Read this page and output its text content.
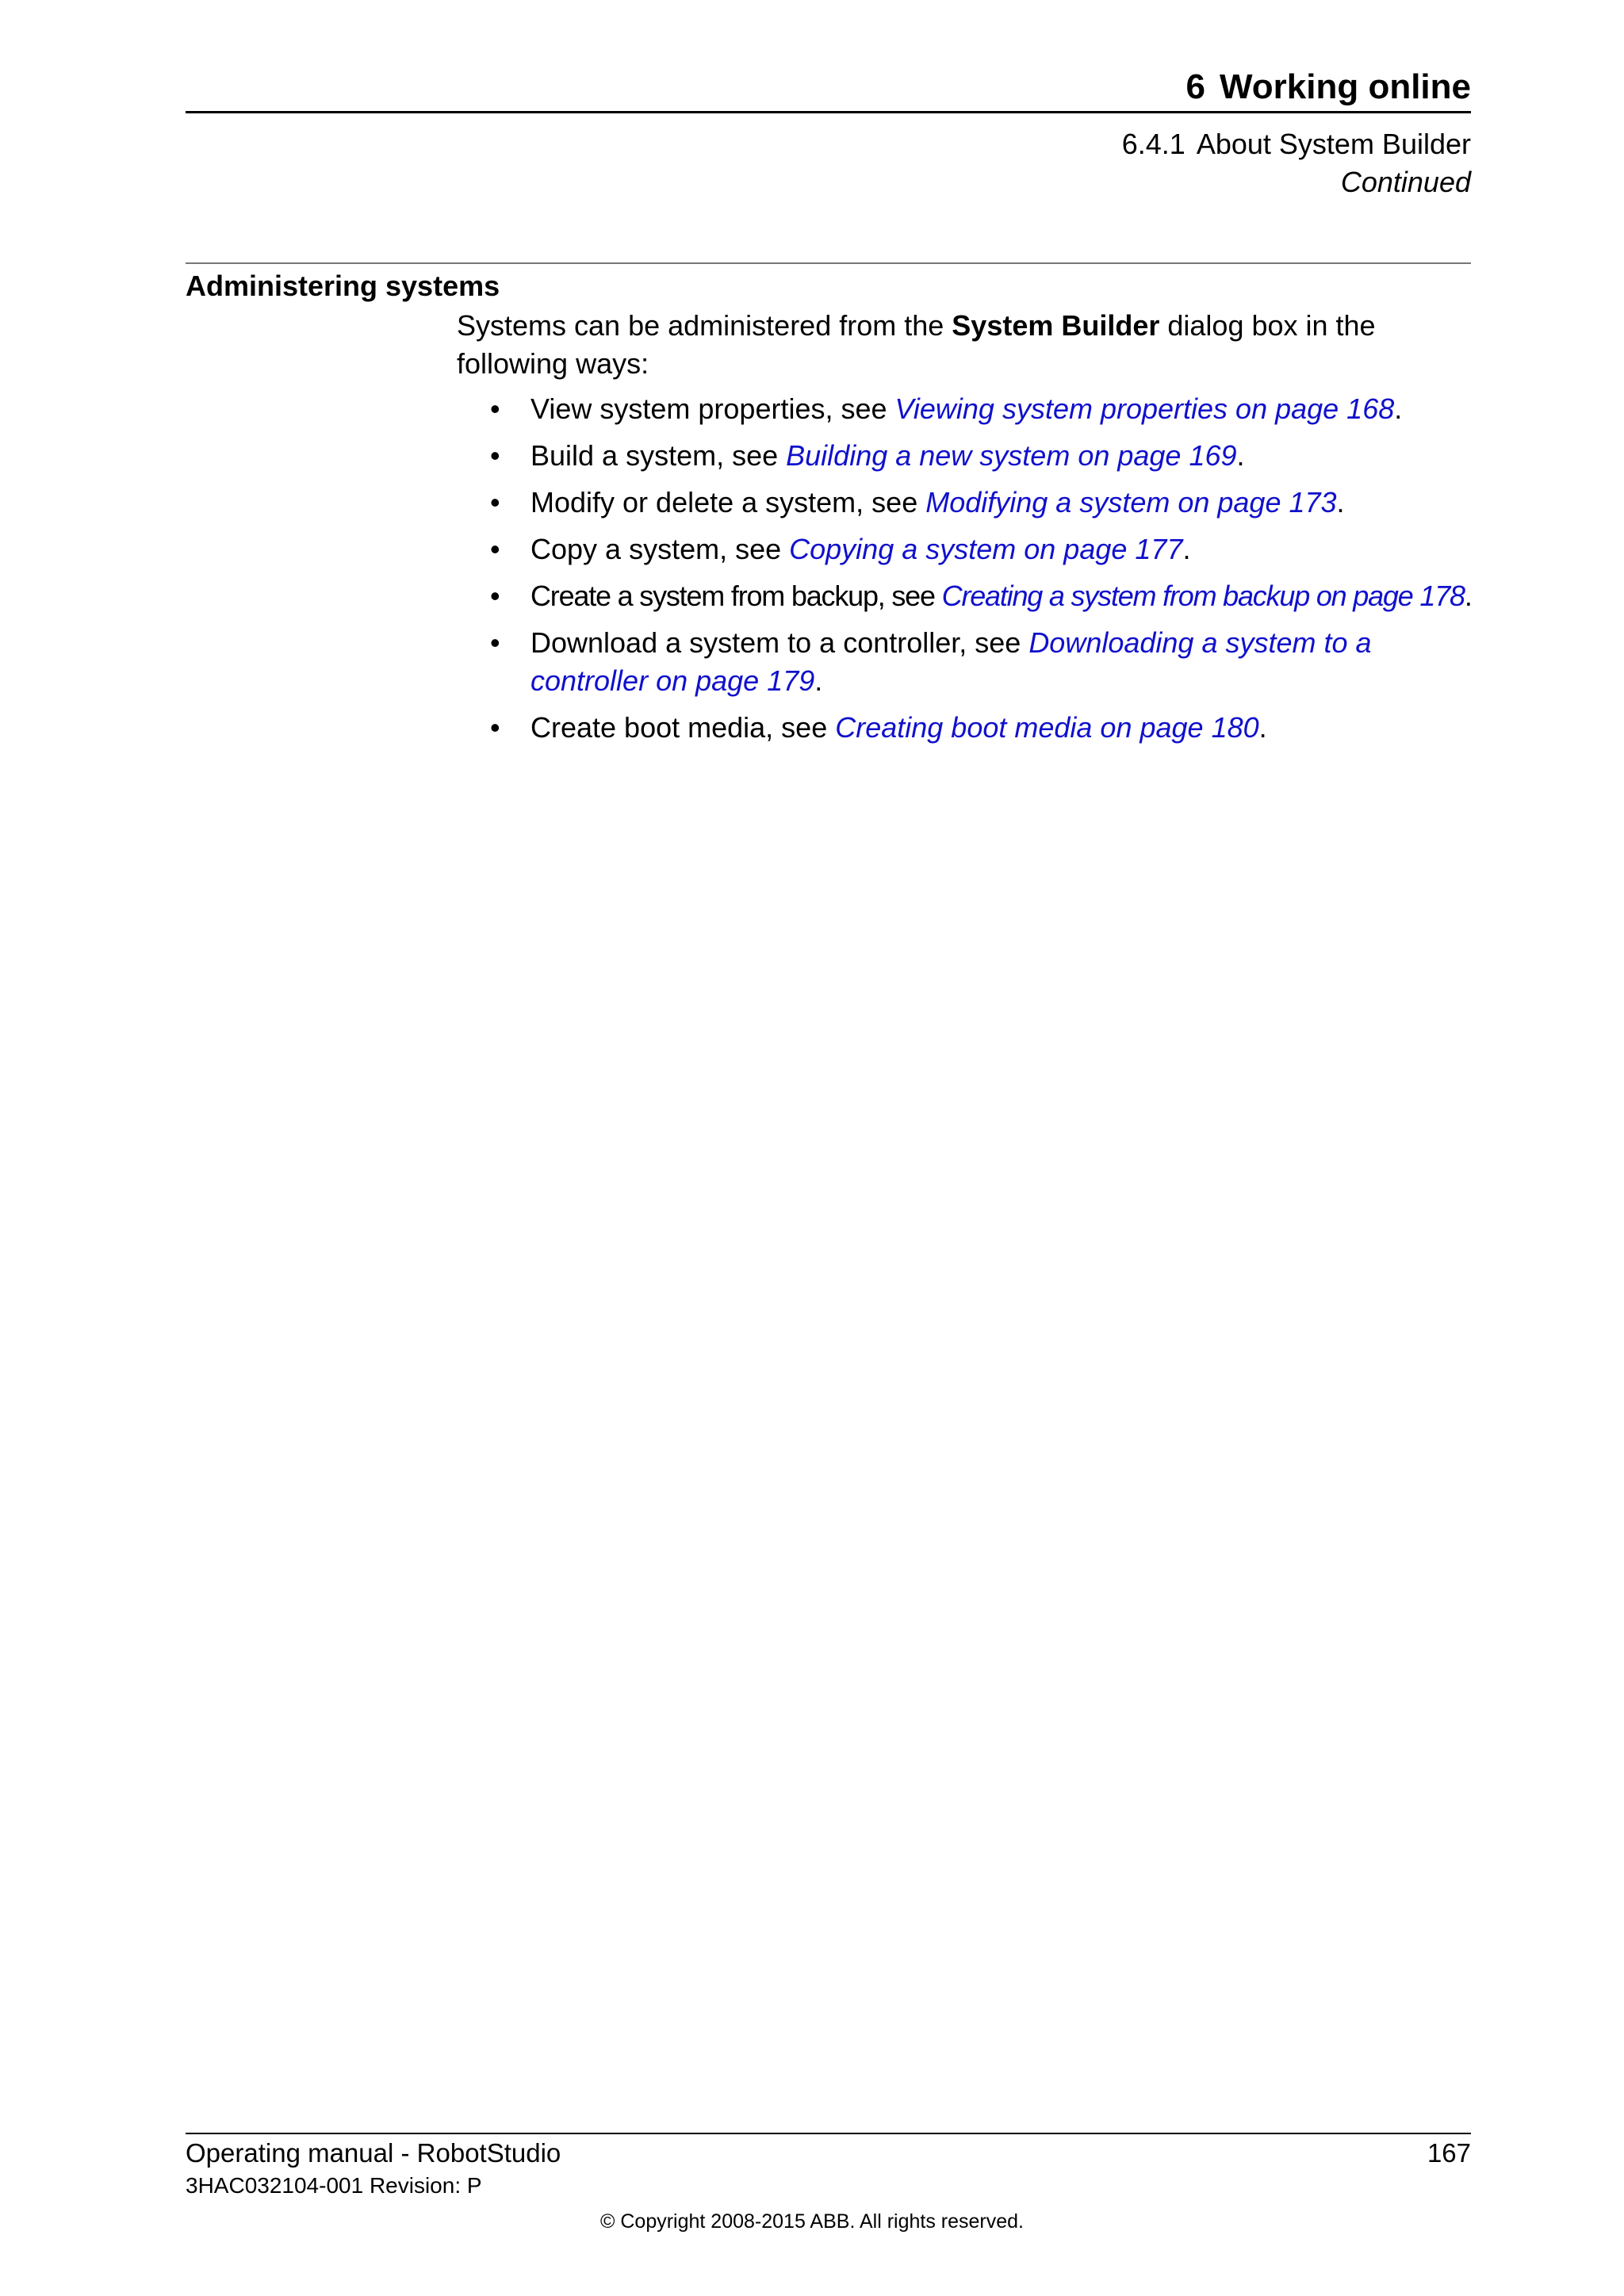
6 Working online
6.4.1 About System Builder
Continued
Administering systems
Systems can be administered from the System Builder dialog box in the following ways:
• View system properties, see Viewing system properties on page 168.
• Build a system, see Building a new system on page 169.
• Modify or delete a system, see Modifying a system on page 173.
• Copy a system, see Copying a system on page 177.
• Create a system from backup, see Creating a system from backup on page 178.
• Download a system to a controller, see Downloading a system to a controller on page 179.
• Create boot media, see Creating boot media on page 180.
Operating manual - RobotStudio	167
3HAC032104-001 Revision: P
© Copyright 2008-2015 ABB. All rights reserved.
